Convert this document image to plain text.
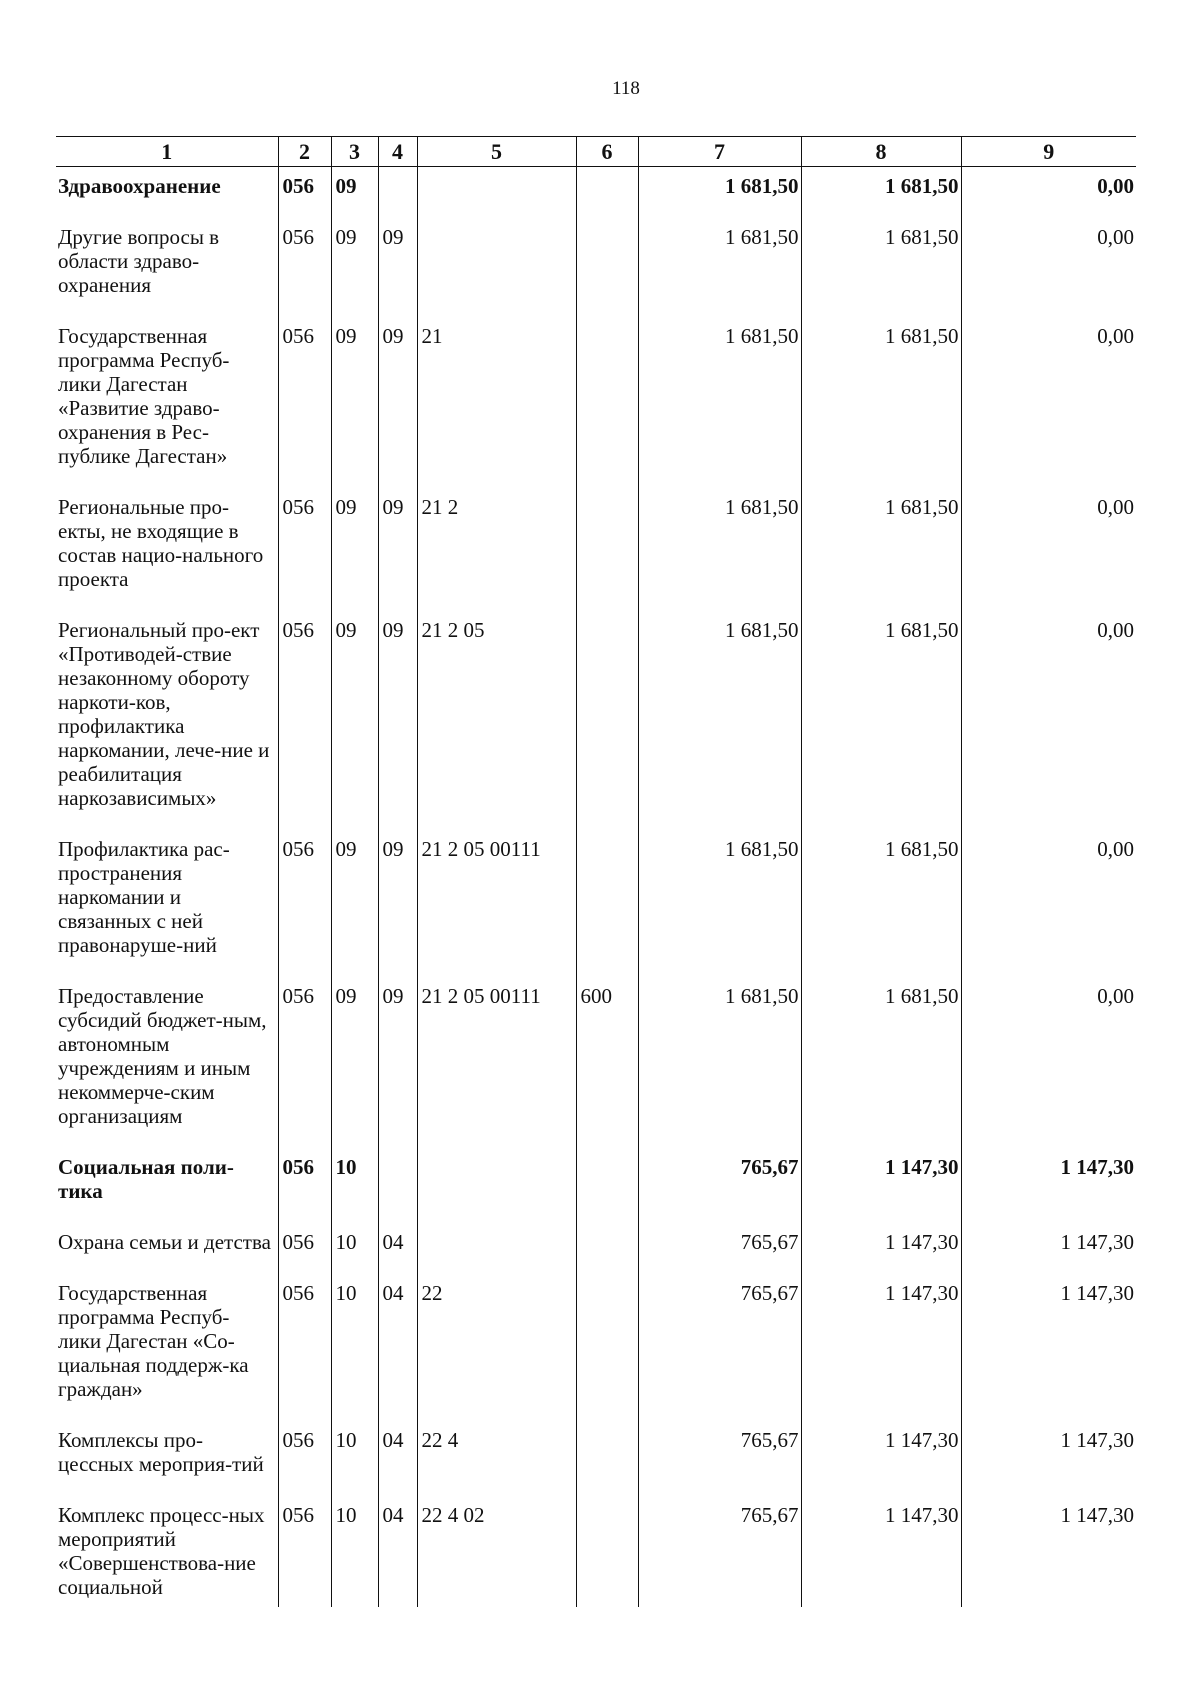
118
1	2	3	4	5	6	7	8	9
Здравоохранение	056	09				1 681,50	1 681,50	0,00
Другие вопросы в области здраво-охранения	056	09	09			1 681,50	1 681,50	0,00
Государственная программа Респуб-лики Дагестан «Развитие здраво-охранения в Рес-публике Дагестан»	056	09	09	21		1 681,50	1 681,50	0,00
Региональные про-екты, не входящие в состав нацио-нального проекта	056	09	09	21 2		1 681,50	1 681,50	0,00
Региональный про-ект «Противодей-ствие незаконному обороту наркоти-ков, профилактика наркомании, лече-ние и реабилитация наркозависимых»	056	09	09	21 2 05		1 681,50	1 681,50	0,00
Профилактика рас-пространения наркомании и связанных с ней правонаруше-ний	056	09	09	21 2 05 00111		1 681,50	1 681,50	0,00
Предоставление субсидий бюджет-ным, автономным учреждениям и иным некоммерче-ским организациям	056	09	09	21 2 05 00111	600	1 681,50	1 681,50	0,00
Социальная поли-тика	056	10				765,67	1 147,30	1 147,30
Охрана семьи и детства	056	10	04			765,67	1 147,30	1 147,30
Государственная программа Респуб-лики Дагестан «Со-циальная поддерж-ка граждан»	056	10	04	22		765,67	1 147,30	1 147,30
Комплексы про-цессных мероприя-тий	056	10	04	22 4		765,67	1 147,30	1 147,30
Комплекс процесс-ных мероприятий «Совершенствова-ние социальной	056	10	04	22 4 02		765,67	1 147,30	1 147,30
